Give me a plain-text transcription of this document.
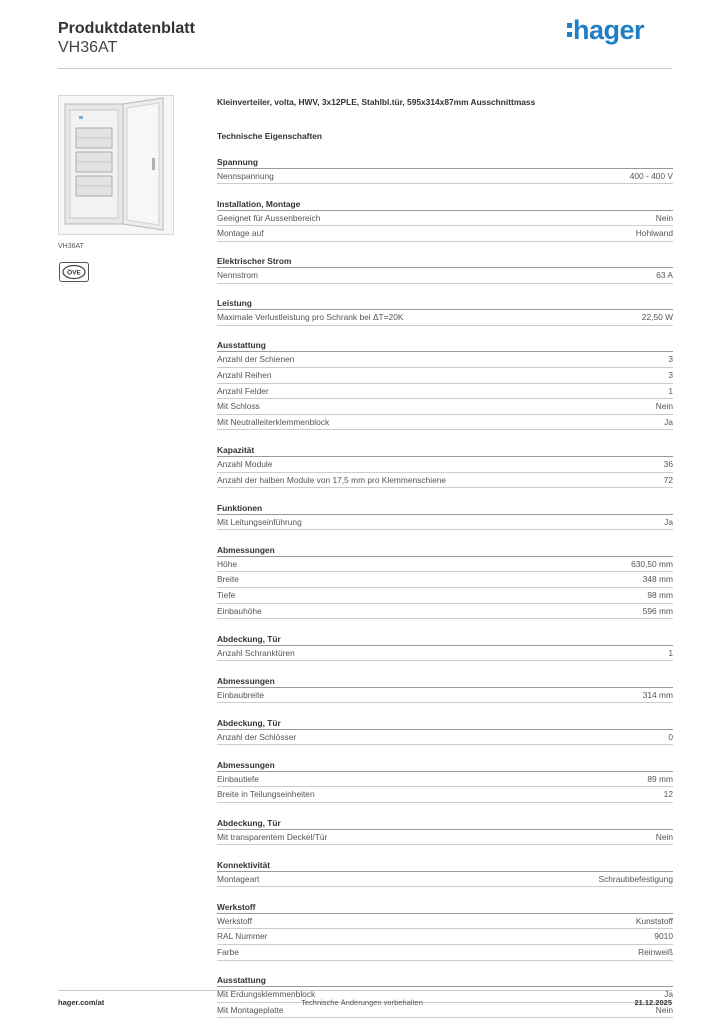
Produktdatenblatt
VH36AT
hager
VH36AT
ÖVE
Kleinverteiler, volta, HWV, 3x12PLE, Stahlbl.tür, 595x314x87mm Ausschnittmass
Technische Eigenschaften
Spannung
Nennspannung	400 - 400 V
Installation, Montage
Geeignet für Aussenbereich	Nein
Montage auf	Hohlwand
Elektrischer Strom
Nennstrom	63 A
Leistung
Maximale Verlustleistung pro Schrank bei ΔT=20K	22,50 W
Ausstattung
Anzahl der Schienen	3
Anzahl Reihen	3
Anzahl Felder	1
Mit Schloss	Nein
Mit Neutralleiterklemmenblock	Ja
Kapazität
Anzahl Module	36
Anzahl der halben Module von 17,5 mm pro Klemmenschiene	72
Funktionen
Mit Leitungseinführung	Ja
Abmessungen
Höhe	630,50 mm
Breite	348 mm
Tiefe	98 mm
Einbauhöhe	596 mm
Abdeckung, Tür
Anzahl Schranktüren	1
Abmessungen
Einbaubreite	314 mm
Abdeckung, Tür
Anzahl der Schlösser	0
Abmessungen
Einbautiefe	89 mm
Breite in Teilungseinheiten	12
Abdeckung, Tür
Mit transparentem Deckel/Tür	Nein
Konnektivität
Montageart	Schraubbefestigung
Werkstoff
Werkstoff	Kunststoff
RAL Nummer	9010
Farbe	Reinweiß
Ausstattung
Mit Erdungsklemmenblock	Ja
Mit Montageplatte	Nein
hager.com/at	Technische Änderungen vorbehalten	21.12.2025
